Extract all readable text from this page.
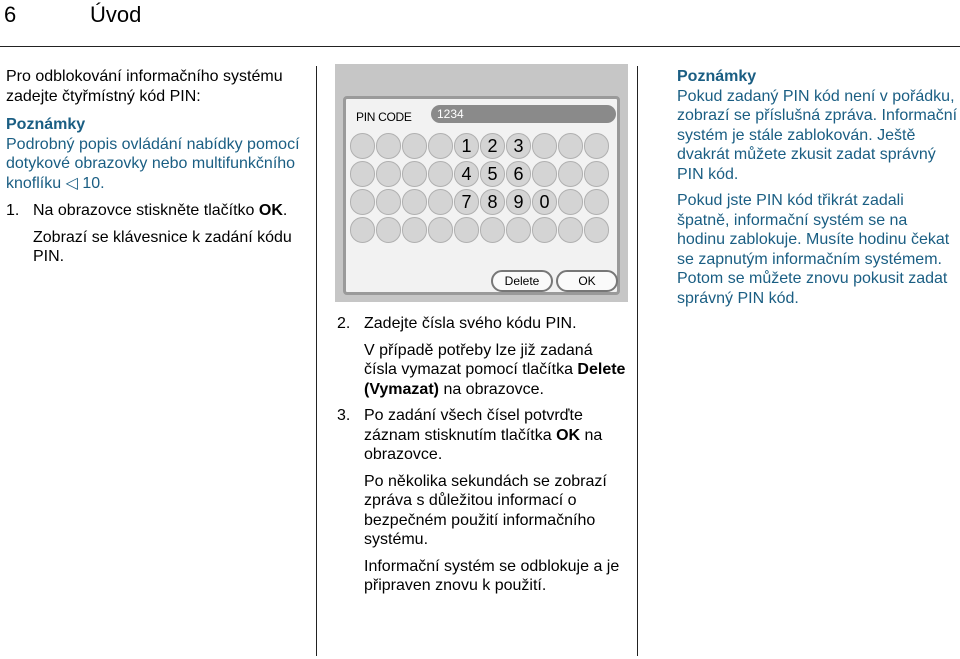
6	Úvod

Pro odblokování informačního systému zadejte čtyřmístný kód PIN:

Poznámky

Podrobný popis ovládání nabídky pomocí dotykové obrazovky nebo multifunkčního knoflíku ◁ 10.

1. Na obrazovce stiskněte tlačítko OK.

Zobrazí se klávesnice k zadání kódu PIN.

PIN CODE	1234
1 2 3
4 5 6
7 8 9 0
Delete	OK

2. Zadejte čísla svého kódu PIN.

V případě potřeby lze již zadaná čísla vymazat pomocí tlačítka Delete (Vymazat) na obrazovce.

3. Po zadání všech čísel potvrďte záznam stisknutím tlačítka OK na obrazovce.

Po několika sekundách se zobrazí zpráva s důležitou informací o bezpečném použití informačního systému.

Informační systém se odblokuje a je připraven znovu k použití.

Poznámky

Pokud zadaný PIN kód není v pořádku, zobrazí se příslušná zpráva. Informační systém je stále zablokován. Ještě dvakrát můžete zkusit zadat správný PIN kód.

Pokud jste PIN kód třikrát zadali špatně, informační systém se na hodinu zablokuje. Musíte hodinu čekat se zapnutým informačním systémem. Potom se můžete znovu pokusit zadat správný PIN kód.
